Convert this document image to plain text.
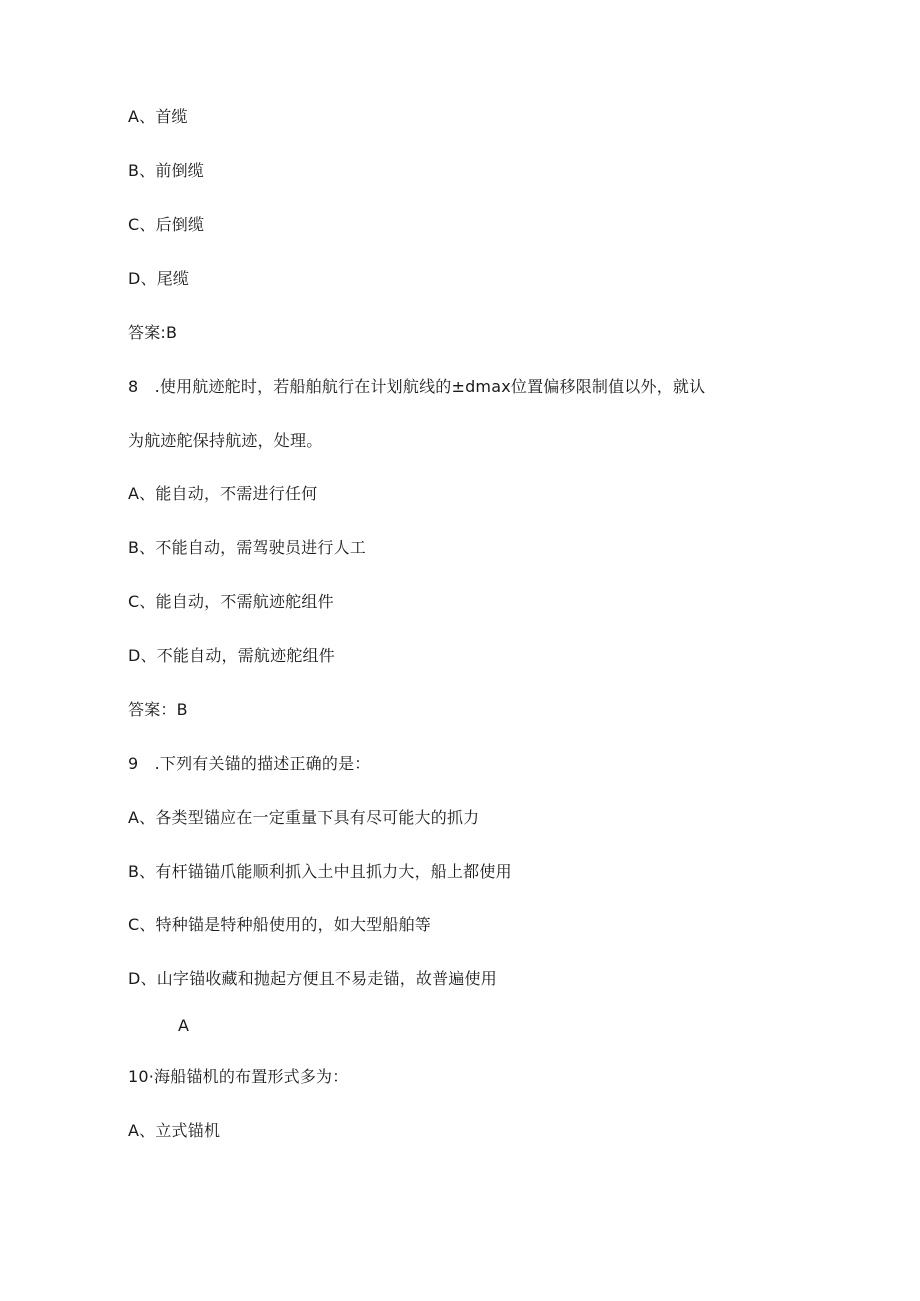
A、首缆
B、前倒缆
C、后倒缆
D、尾缆
答案:B
8　.使用航迹舵时，若船舶航行在计划航线的±dmax位置偏移限制值以外，就认
为航迹舵保持航迹，处理。
A、能自动，不需进行任何
B、不能自动，需驾驶员进行人工
C、能自动，不需航迹舵组件
D、不能自动，需航迹舵组件
答案：B
9　.下列有关锚的描述正确的是：
A、各类型锚应在一定重量下具有尽可能大的抓力
B、有杆锚锚爪能顺利抓入土中且抓力大，船上都使用
C、特种锚是特种船使用的，如大型船舶等
D、山字锚收藏和抛起方便且不易走锚，故普遍使用
A
10·海船锚机的布置形式多为：
A、立式锚机
